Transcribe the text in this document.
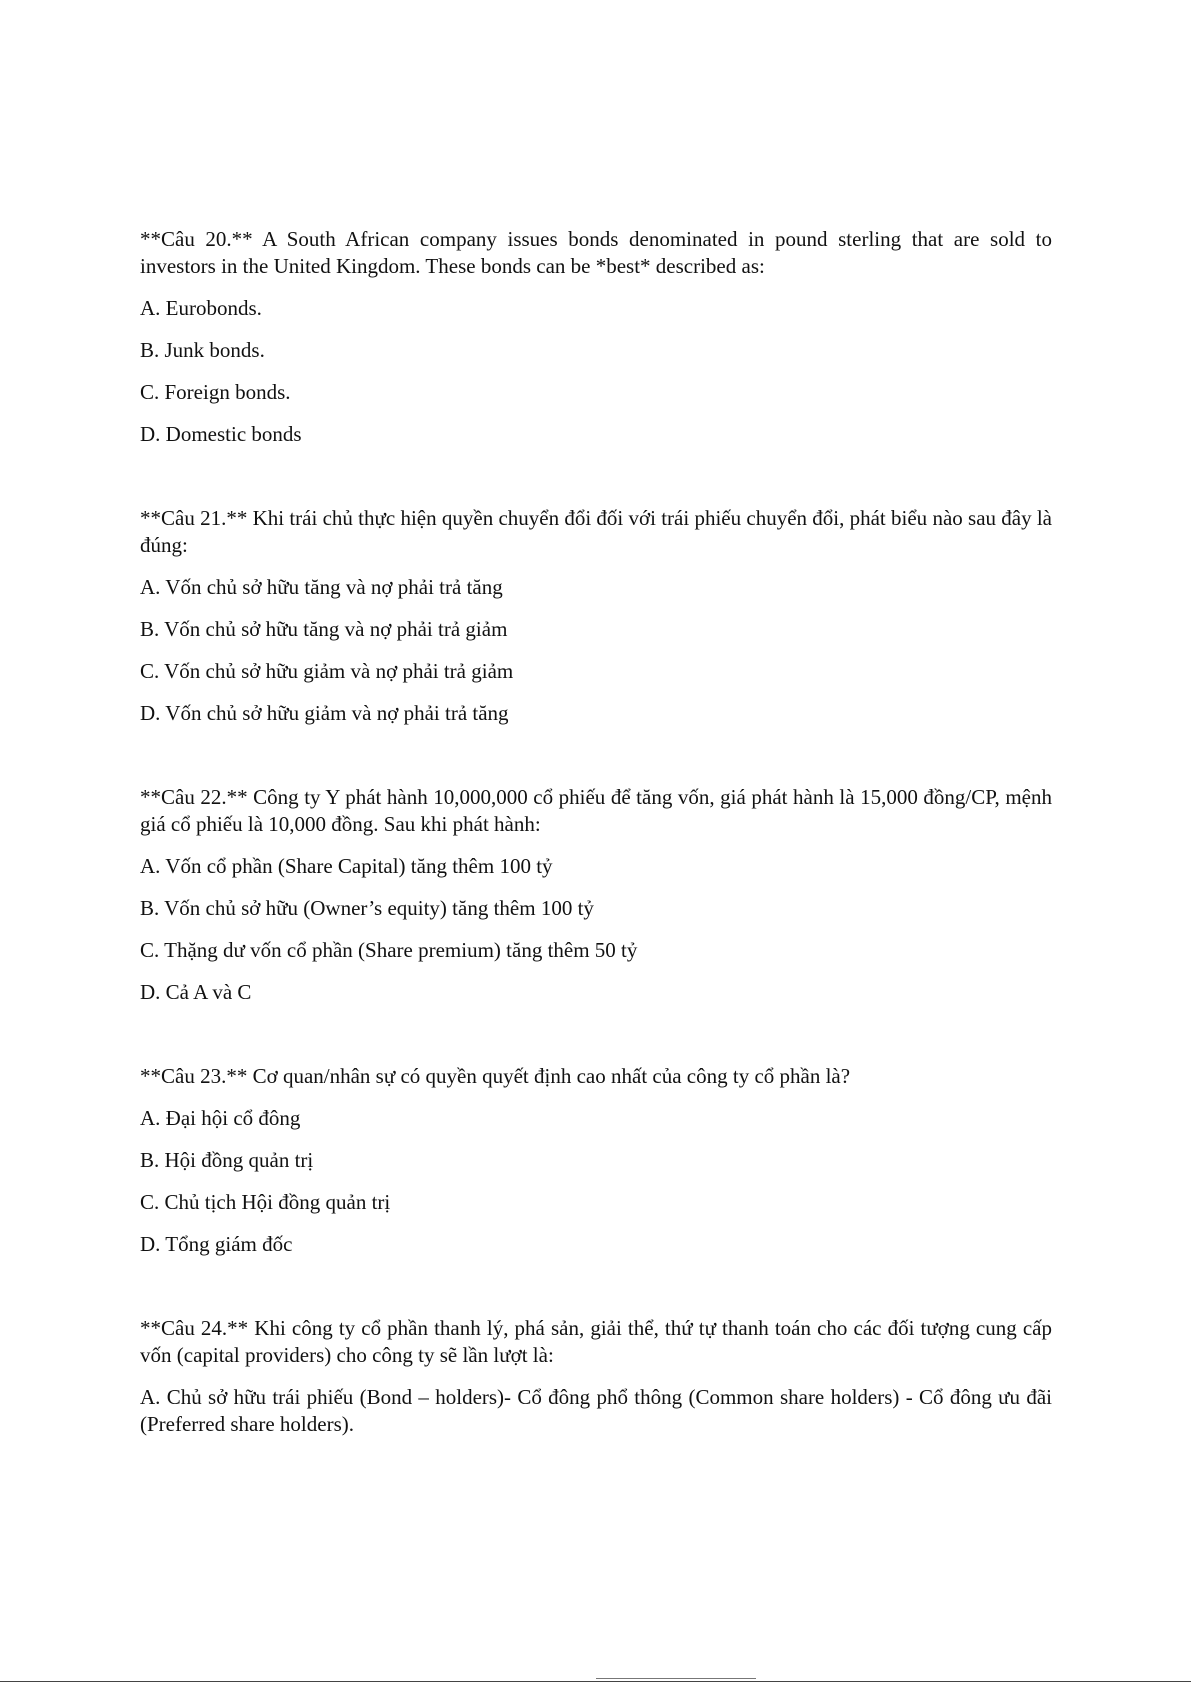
**Câu 20.** A South African company issues bonds denominated in pound sterling that are sold to investors in the United Kingdom. These bonds can be *best* described as:

A. Eurobonds.

B. Junk bonds.

C. Foreign bonds.

D. Domestic bonds

**Câu 21.** Khi trái chủ thực hiện quyền chuyển đổi đối với trái phiếu chuyển đổi, phát biểu nào sau đây là đúng:

A. Vốn chủ sở hữu tăng và nợ phải trả tăng

B. Vốn chủ sở hữu tăng và nợ phải trả giảm

C. Vốn chủ sở hữu giảm và nợ phải trả giảm

D. Vốn chủ sở hữu giảm và nợ phải trả tăng

**Câu 22.** Công ty Y phát hành 10,000,000 cổ phiếu để tăng vốn, giá phát hành là 15,000 đồng/CP, mệnh giá cổ phiếu là 10,000 đồng. Sau khi phát hành:

A. Vốn cổ phần (Share Capital) tăng thêm 100 tỷ

B. Vốn chủ sở hữu (Owner’s equity) tăng thêm 100 tỷ

C. Thặng dư vốn cổ phần (Share premium) tăng thêm 50 tỷ

D. Cả A và C

**Câu 23.** Cơ quan/nhân sự có quyền quyết định cao nhất của công ty cổ phần là?

A. Đại hội cổ đông

B. Hội đồng quản trị

C. Chủ tịch Hội đồng quản trị

D. Tổng giám đốc

**Câu 24.** Khi công ty cổ phần thanh lý, phá sản, giải thể, thứ tự thanh toán cho các đối tượng cung cấp vốn (capital providers) cho công ty sẽ lần lượt là:

A. Chủ sở hữu trái phiếu (Bond – holders)- Cổ đông phổ thông (Common share holders) - Cổ đông ưu đãi (Preferred share holders).
